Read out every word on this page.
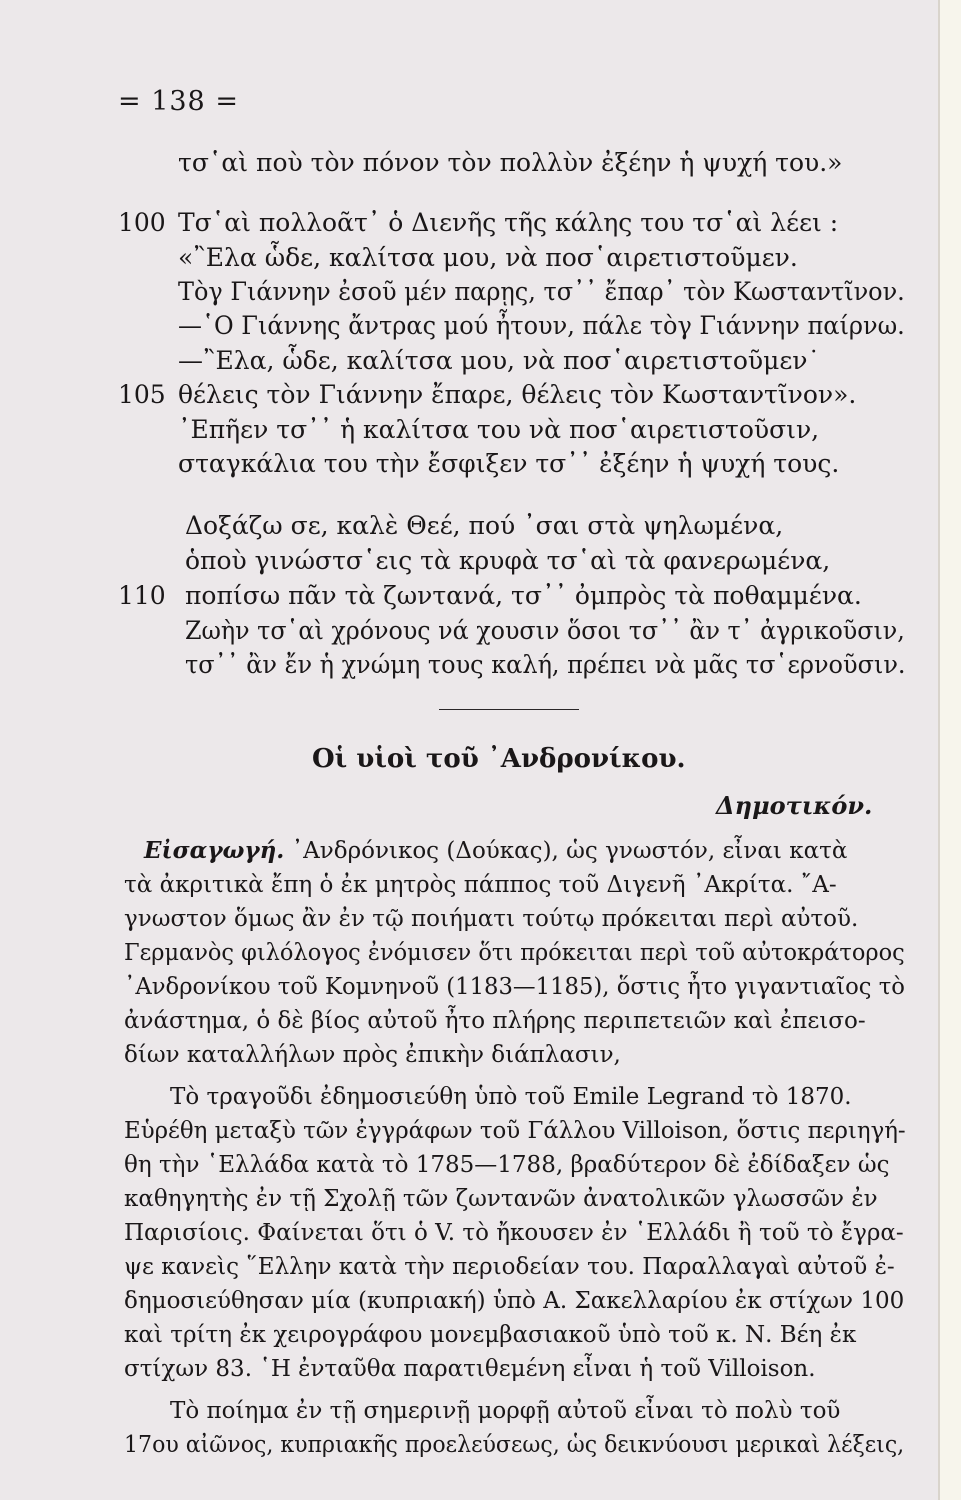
= 138 =
τσ῾αὶ ποὺ τὸν πόνον τὸν πολλὺν ἐξέην ἡ ψυχή του.»
100 Τσ῾αὶ πολλοᾶτ᾽ ὁ Διενῆς τῆς κάλης του τσ῾αὶ λέει :
«῍Ελα ὧδε, καλίτσα μου, νὰ ποσ῾αιρετιστοῦμεν.
Τὸγ Γιάννην ἐσοῦ μέν παρῃς, τσ᾽᾽ ἔπαρ᾽ τὸν Κωσταντῖνον.
—῾Ο Γιάννης ἄντρας μού ἦτουν, πάλε τὸγ Γιάννην παίρνω.
—῍Ελα, ὧδε, καλίτσα μου, νὰ ποσ῾αιρετιστοῦμεν˙
105 θέλεις τὸν Γιάννην ἔπαρε, θέλεις τὸν Κωσταντῖνον».
᾽Επῆεν τσ᾽᾽ ἡ καλίτσα του νὰ ποσ῾αιρετιστοῦσιν,
σταγκάλια του τὴν ἔσφιξεν τσ᾽᾽ ἐξέην ἡ ψυχή τους.
Δοξάζω σε, καλὲ Θεέ, πού ᾽σαι στὰ ψηλωμένα,
ὁποὺ γινώστσ῾εις τὰ κρυφὰ τσ῾αὶ τὰ φανερωμένα,
110 ποπίσω πᾶν τὰ ζωντανά, τσ᾽᾽ ὀμπρὸς τὰ ποθαμμένα.
Ζωὴν τσ῾αὶ χρόνους νά χουσιν ὅσοι τσ᾽᾽ ἂν τ᾽ ἀγρικοῦσιν,
τσ᾽᾽ ἂν ἔν ἡ χνώμη τους καλή, πρέπει νὰ μᾶς τσ῾ερνοῦσιν.
Οἱ υἱοὶ τοῦ ᾽Ανδρονίκου.
Δημοτικόν.
Εἰσαγωγή. ᾽Ανδρόνικος (Δούκας), ὡς γνωστόν, εἶναι κατὰ
τὰ ἀκριτικὰ ἔπη ὁ ἐκ μητρὸς πάππος τοῦ Διγενῆ ᾽Ακρίτα. ῎Α-
γνωστον ὅμως ἂν ἐν τῷ ποιήματι τούτῳ πρόκειται περὶ αὐτοῦ.
Γερμανὸς φιλόλογος ἐνόμισεν ὅτι πρόκειται περὶ τοῦ αὐτοκράτορος
᾽Ανδρονίκου τοῦ Κομνηνοῦ (1183—1185), ὅστις ἦτο γιγαντιαῖος τὸ
ἀνάστημα, ὁ δὲ βίος αὐτοῦ ἦτο πλήρης περιπετειῶν καὶ ἐπεισο-
δίων καταλλήλων πρὸς ἐπικὴν διάπλασιν,
Τὸ τραγοῦδι ἐδημοσιεύθη ὑπὸ τοῦ Emile Legrand τὸ 1870.
Εὑρέθη μεταξὺ τῶν ἐγγράφων τοῦ Γάλλου Villoison, ὅστις περιηγή-
θη τὴν ῾Ελλάδα κατὰ τὸ 1785—1788, βραδύτερον δὲ ἐδίδαξεν ὡς
καθηγητὴς ἐν τῇ Σχολῇ τῶν ζωντανῶν ἀνατολικῶν γλωσσῶν ἐν
Παρισίοις. Φαίνεται ὅτι ὁ V. τὸ ἤκουσεν ἐν ῾Ελλάδι ἢ τοῦ τὸ ἔγρα-
ψε κανεὶς ῞Ελλην κατὰ τὴν περιοδείαν του. Παραλλαγαὶ αὐτοῦ ἐ-
δημοσιεύθησαν μία (κυπριακή) ὑπὸ Α. Σακελλαρίου ἐκ στίχων 100
καὶ τρίτη ἐκ χειρογράφου μονεμβασιακοῦ ὑπὸ τοῦ κ. Ν. Βέη ἐκ
στίχων 83. ῾Η ἐνταῦθα παρατιθεμένη εἶναι ἡ τοῦ Villoison.
Τὸ ποίημα ἐν τῇ σημερινῇ μορφῇ αὐτοῦ εἶναι τὸ πολὺ τοῦ
17ου αἰῶνος, κυπριακῆς προελεύσεως, ὡς δεικνύουσι μερικαὶ λέξεις,
